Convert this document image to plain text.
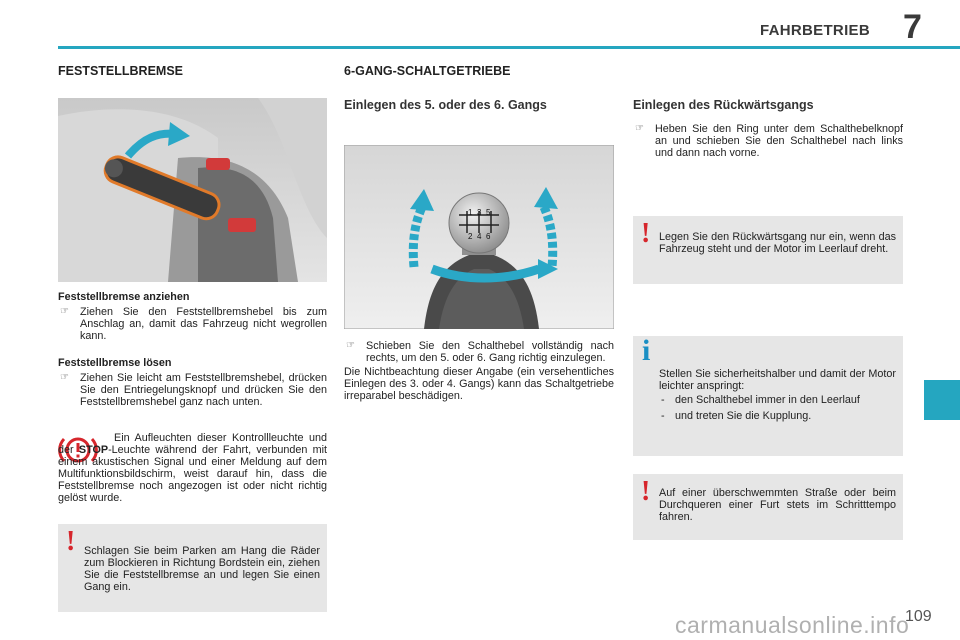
FAHRBETRIEB 7
FESTSTELLBREMSE
Feststellbremse anziehen
☞	Ziehen Sie den Feststellbremshebel bis zum Anschlag an, damit das Fahrzeug nicht wegrollen kann.
Feststellbremse lösen
☞	Ziehen Sie leicht am Feststellbremshebel, drücken Sie den Entriegelungsknopf und drücken Sie den Feststellbremshebel ganz nach unten.
Ein Aufleuchten dieser Kontrollleuchte und der STOP-Leuchte während der Fahrt, verbunden mit einem akustischen Signal und einer Meldung auf dem Multifunktionsbildschirm, weist darauf hin, dass die Feststellbremse noch angezogen ist oder nicht richtig gelöst wurde.
! Schlagen Sie beim Parken am Hang die Räder zum Blockieren in Richtung Bordstein ein, ziehen Sie die Feststellbremse an und legen Sie einen Gang ein.
6-GANG-SCHALTGETRIEBE
Einlegen des 5. oder des 6. Gangs
1 3 5
2 4 6
☞	Schieben Sie den Schalthebel vollständig nach rechts, um den 5. oder 6. Gang richtig einzulegen.
Die Nichtbeachtung dieser Angabe (ein versehentliches Einlegen des 3. oder 4. Gangs) kann das Schaltgetriebe irreparabel beschädigen.
Einlegen des Rückwärtsgangs
☞	Heben Sie den Ring unter dem Schalthebelknopf an und schieben Sie den Schalthebel nach links und dann nach vorne.
! Legen Sie den Rückwärtsgang nur ein, wenn das Fahrzeug steht und der Motor im Leerlauf dreht.
i
Stellen Sie sicherheitshalber und damit der Motor leichter anspringt:
- den Schalthebel immer in den Leerlauf
- und treten Sie die Kupplung.
! Auf einer überschwemmten Straße oder beim Durchqueren einer Furt stets im Schritttempo fahren.
carmanualsonline.info
109
